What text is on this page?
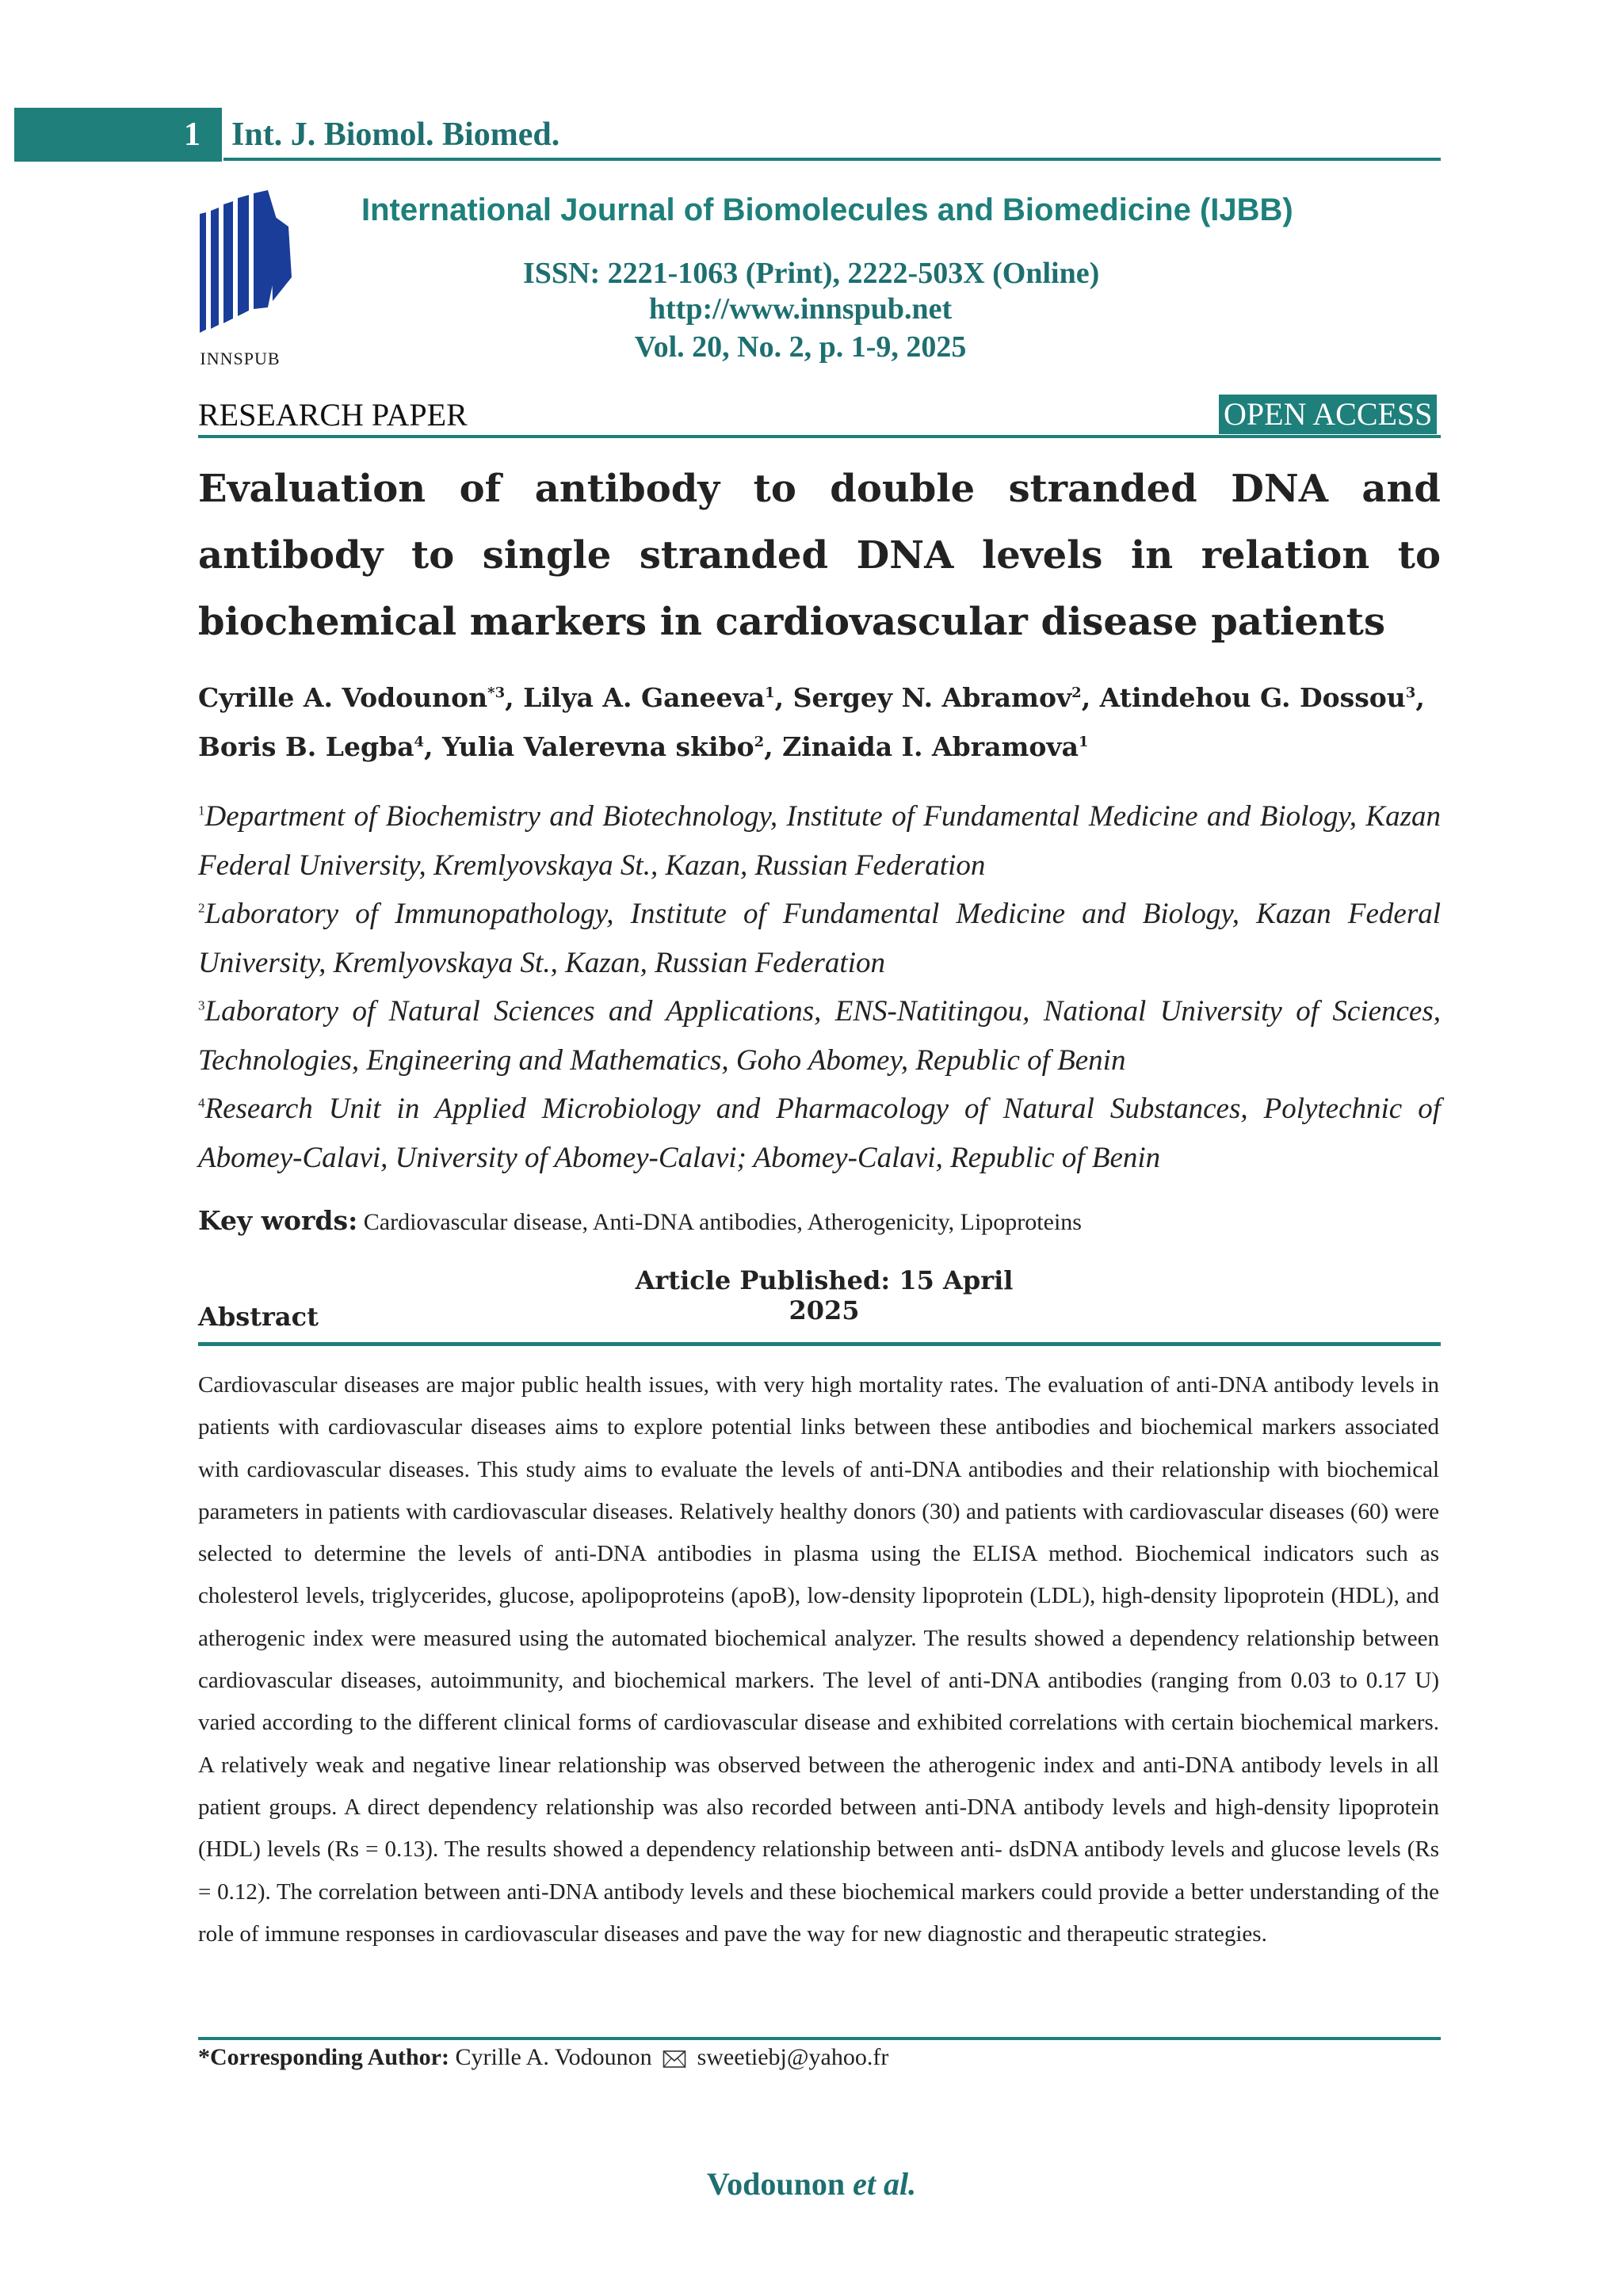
1 Int. J. Biomol. Biomed.
INNSPUB
International Journal of Biomolecules and Biomedicine (IJBB)
ISSN: 2221-1063 (Print), 2222-503X (Online)
http://www.innspub.net
Vol. 20, No. 2, p. 1-9, 2025
RESEARCH PAPER	OPEN ACCESS
Evaluation of antibody to double stranded DNA and antibody to single stranded DNA levels in relation to biochemical markers in cardiovascular disease patients
Cyrille A. Vodounon$^{*3}$, Lilya A. Ganeeva$^1$, Sergey N. Abramov$^2$, Atindehou G. Dossou$^3$, Boris B. Legba$^4$, Yulia Valerevna skibo$^2$, Zinaida I. Abramova$^1$
$^1$Department of Biochemistry and Biotechnology, Institute of Fundamental Medicine and Biology, Kazan Federal University, Kremlyovskaya St., Kazan, Russian Federation
$^2$Laboratory of Immunopathology, Institute of Fundamental Medicine and Biology, Kazan Federal University, Kremlyovskaya St., Kazan, Russian Federation
$^3$Laboratory of Natural Sciences and Applications, ENS-Natitingou, National University of Sciences, Technologies, Engineering and Mathematics, Goho Abomey, Republic of Benin
$^4$Research Unit in Applied Microbiology and Pharmacology of Natural Substances, Polytechnic of Abomey-Calavi, University of Abomey-Calavi; Abomey-Calavi, Republic of Benin
Key words: Cardiovascular disease, Anti-DNA antibodies, Atherogenicity, Lipoproteins
Article Published: 15 April 2025
Abstract
Cardiovascular diseases are major public health issues, with very high mortality rates. The evaluation of anti-DNA antibody levels in patients with cardiovascular diseases aims to explore potential links between these antibodies and biochemical markers associated with cardiovascular diseases. This study aims to evaluate the levels of anti-DNA antibodies and their relationship with biochemical parameters in patients with cardiovascular diseases. Relatively healthy donors (30) and patients with cardiovascular diseases (60) were selected to determine the levels of anti-DNA antibodies in plasma using the ELISA method. Biochemical indicators such as cholesterol levels, triglycerides, glucose, apolipoproteins (apoB), low-density lipoprotein (LDL), high-density lipoprotein (HDL), and atherogenic index were measured using the automated biochemical analyzer. The results showed a dependency relationship between cardiovascular diseases, autoimmunity, and biochemical markers. The level of anti-DNA antibodies (ranging from 0.03 to 0.17 U) varied according to the different clinical forms of cardiovascular disease and exhibited correlations with certain biochemical markers. A relatively weak and negative linear relationship was observed between the atherogenic index and anti-DNA antibody levels in all patient groups. A direct dependency relationship was also recorded between anti-DNA antibody levels and high-density lipoprotein (HDL) levels (Rs = 0.13). The results showed a dependency relationship between anti- dsDNA antibody levels and glucose levels (Rs = 0.12). The correlation between anti-DNA antibody levels and these biochemical markers could provide a better understanding of the role of immune responses in cardiovascular diseases and pave the way for new diagnostic and therapeutic strategies.
*Corresponding Author: Cyrille A. Vodounon sweetiebj@yahoo.fr
Vodounon et al.
